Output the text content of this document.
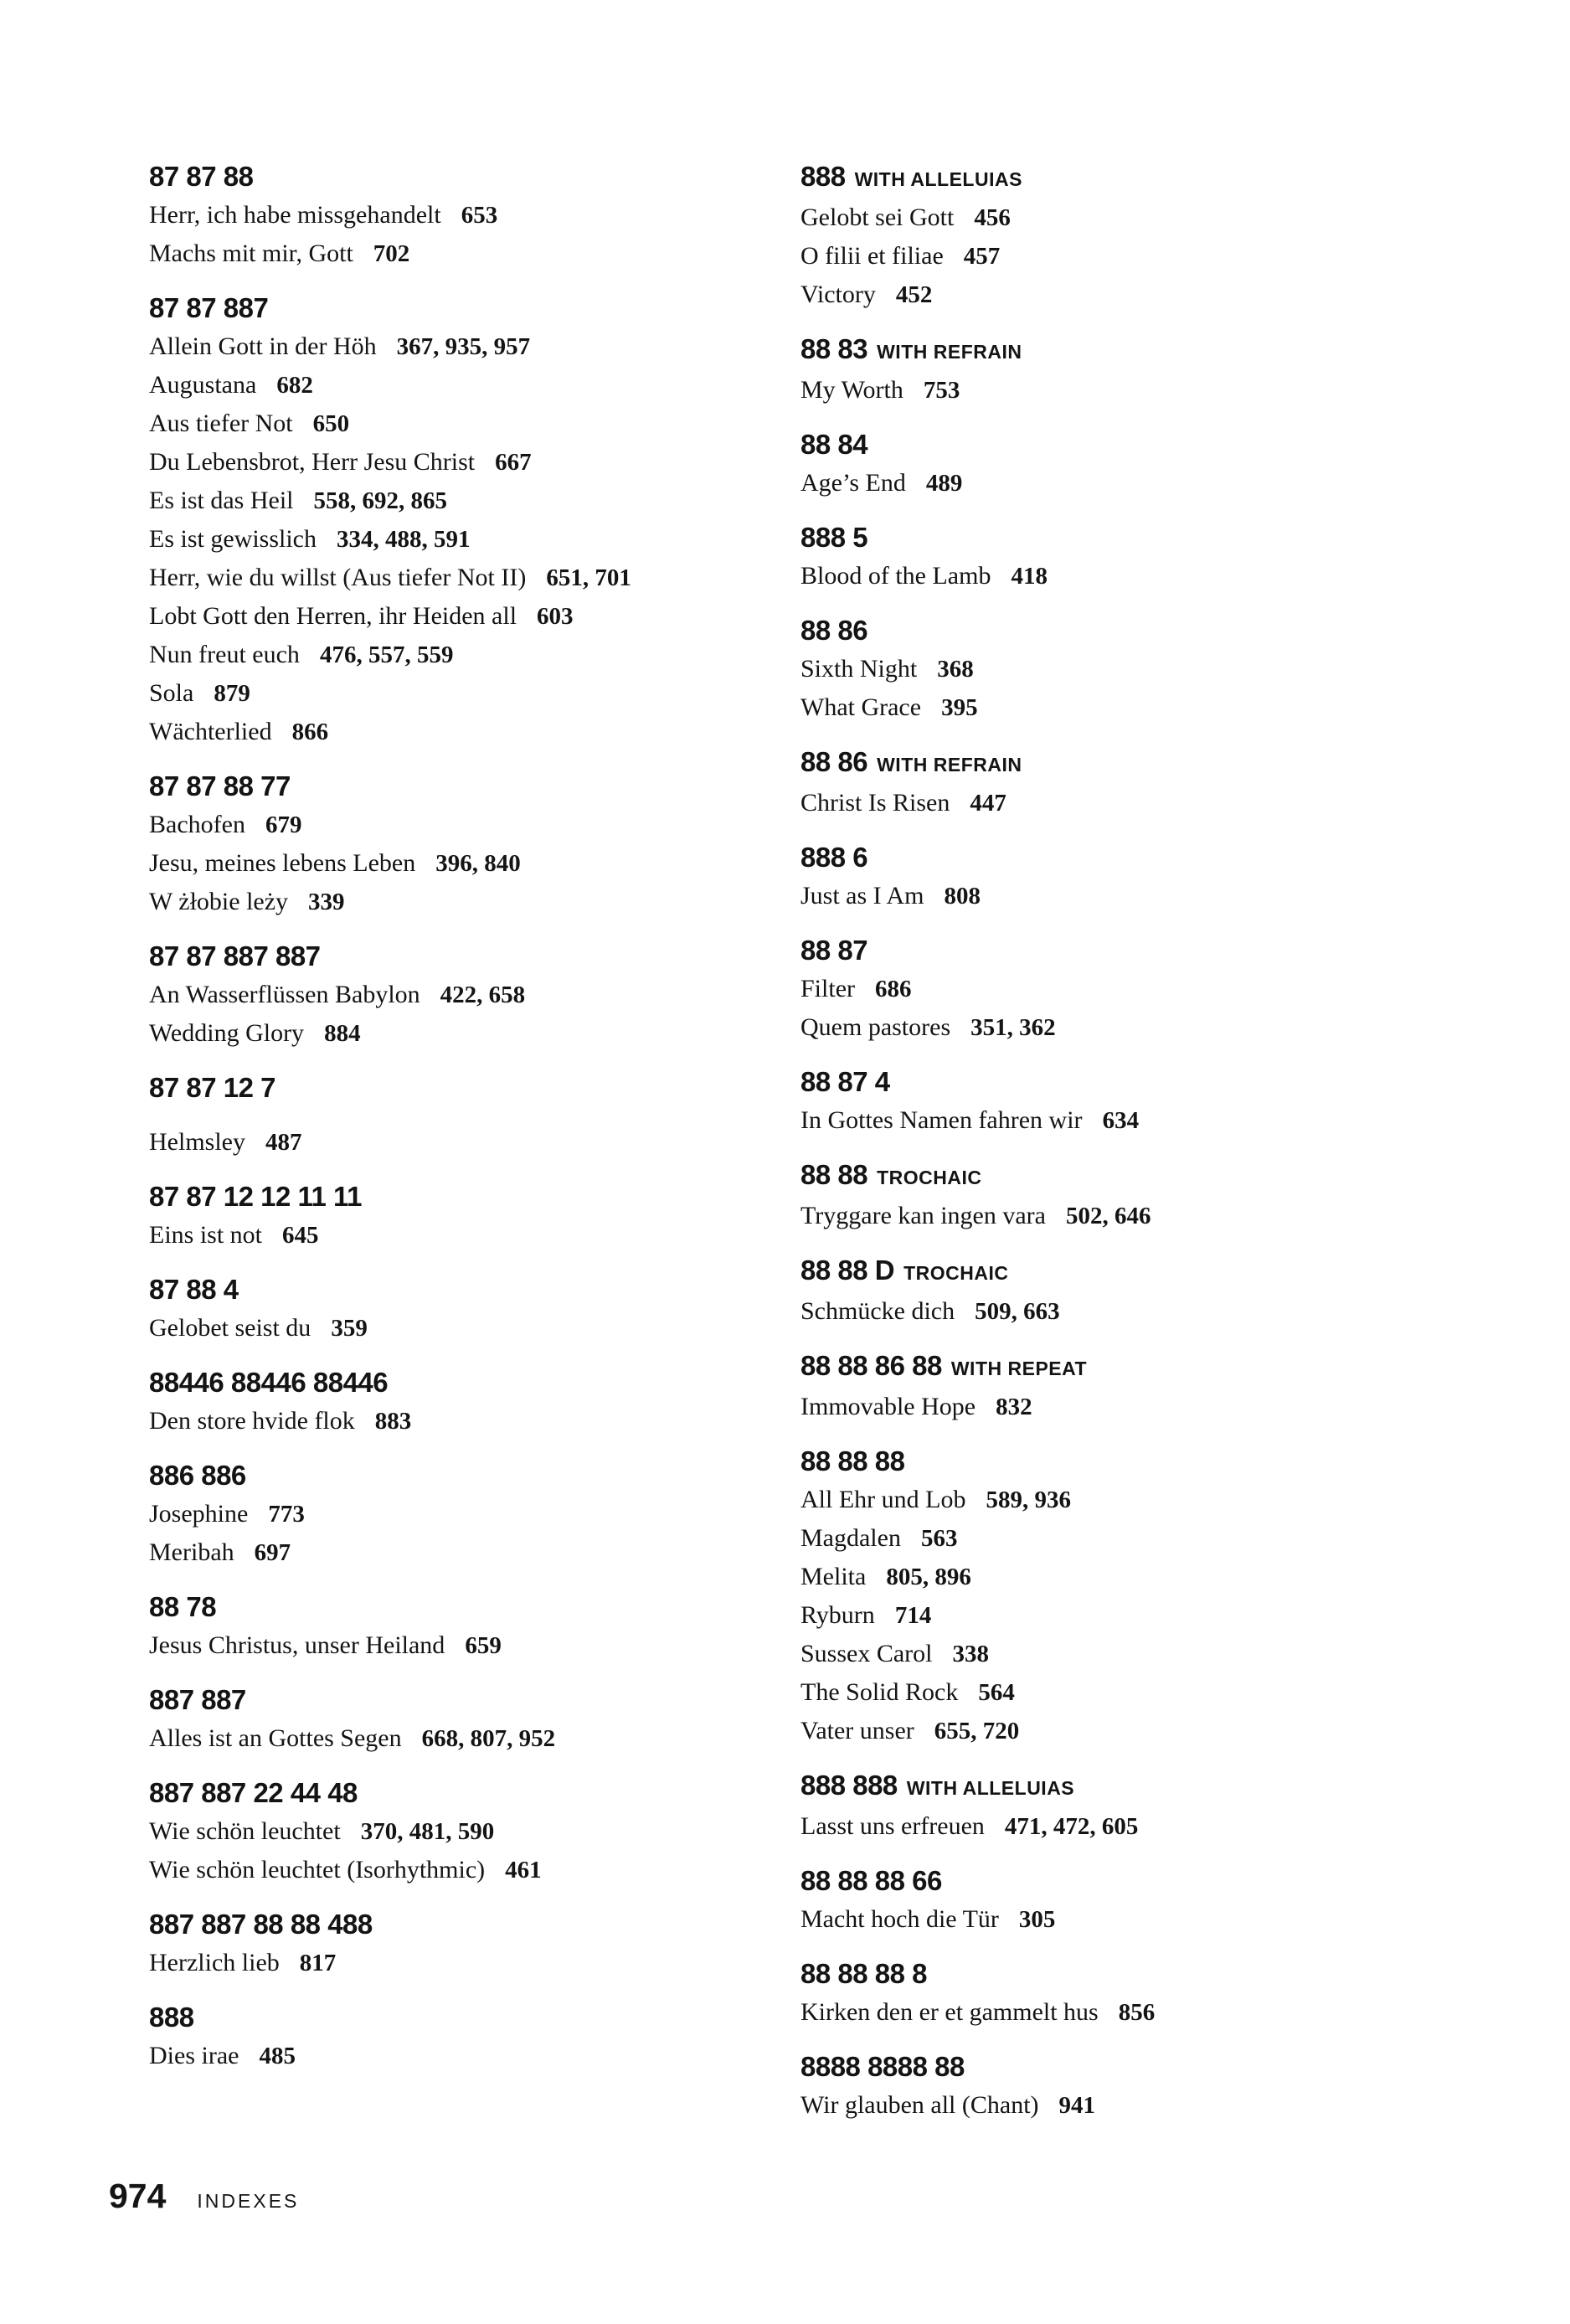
87 87 88
Herr, ich habe missgehandelt 653
Machs mit mir, Gott 702
87 87 887
Allein Gott in der Höh 367, 935, 957
Augustana 682
Aus tiefer Not 650
Du Lebensbrot, Herr Jesu Christ 667
Es ist das Heil 558, 692, 865
Es ist gewisslich 334, 488, 591
Herr, wie du willst (Aus tiefer Not II) 651, 701
Lobt Gott den Herren, ihr Heiden all 603
Nun freut euch 476, 557, 559
Sola 879
Wächterlied 866
87 87 88 77
Bachofen 679
Jesu, meines lebens Leben 396, 840
W żłobie leży 339
87 87 887 887
An Wasserflüssen Babylon 422, 658
Wedding Glory 884
87 87 12 7
Helmsley 487
87 87 12 12 11 11
Eins ist not 645
87 88 4
Gelobet seist du 359
88446 88446 88446
Den store hvide flok 883
886 886
Josephine 773
Meribah 697
88 78
Jesus Christus, unser Heiland 659
887 887
Alles ist an Gottes Segen 668, 807, 952
887 887 22 44 48
Wie schön leuchtet 370, 481, 590
Wie schön leuchtet (Isorhythmic) 461
887 887 88 88 488
Herzlich lieb 817
888
Dies irae 485
888 WITH ALLELUIAS
Gelobt sei Gott 456
O filii et filiae 457
Victory 452
88 83 WITH REFRAIN
My Worth 753
88 84
Age’s End 489
888 5
Blood of the Lamb 418
88 86
Sixth Night 368
What Grace 395
88 86 WITH REFRAIN
Christ Is Risen 447
888 6
Just as I Am 808
88 87
Filter 686
Quem pastores 351, 362
88 87 4
In Gottes Namen fahren wir 634
88 88 TROCHAIC
Tryggare kan ingen vara 502, 646
88 88 D TROCHAIC
Schmücke dich 509, 663
88 88 86 88 WITH REPEAT
Immovable Hope 832
88 88 88
All Ehr und Lob 589, 936
Magdalen 563
Melita 805, 896
Ryburn 714
Sussex Carol 338
The Solid Rock 564
Vater unser 655, 720
888 888 WITH ALLELUIAS
Lasst uns erfreuen 471, 472, 605
88 88 88 66
Macht hoch die Tür 305
88 88 88 8
Kirken den er et gammelt hus 856
8888 8888 88
Wir glauben all (Chant) 941
974 INDEXES
